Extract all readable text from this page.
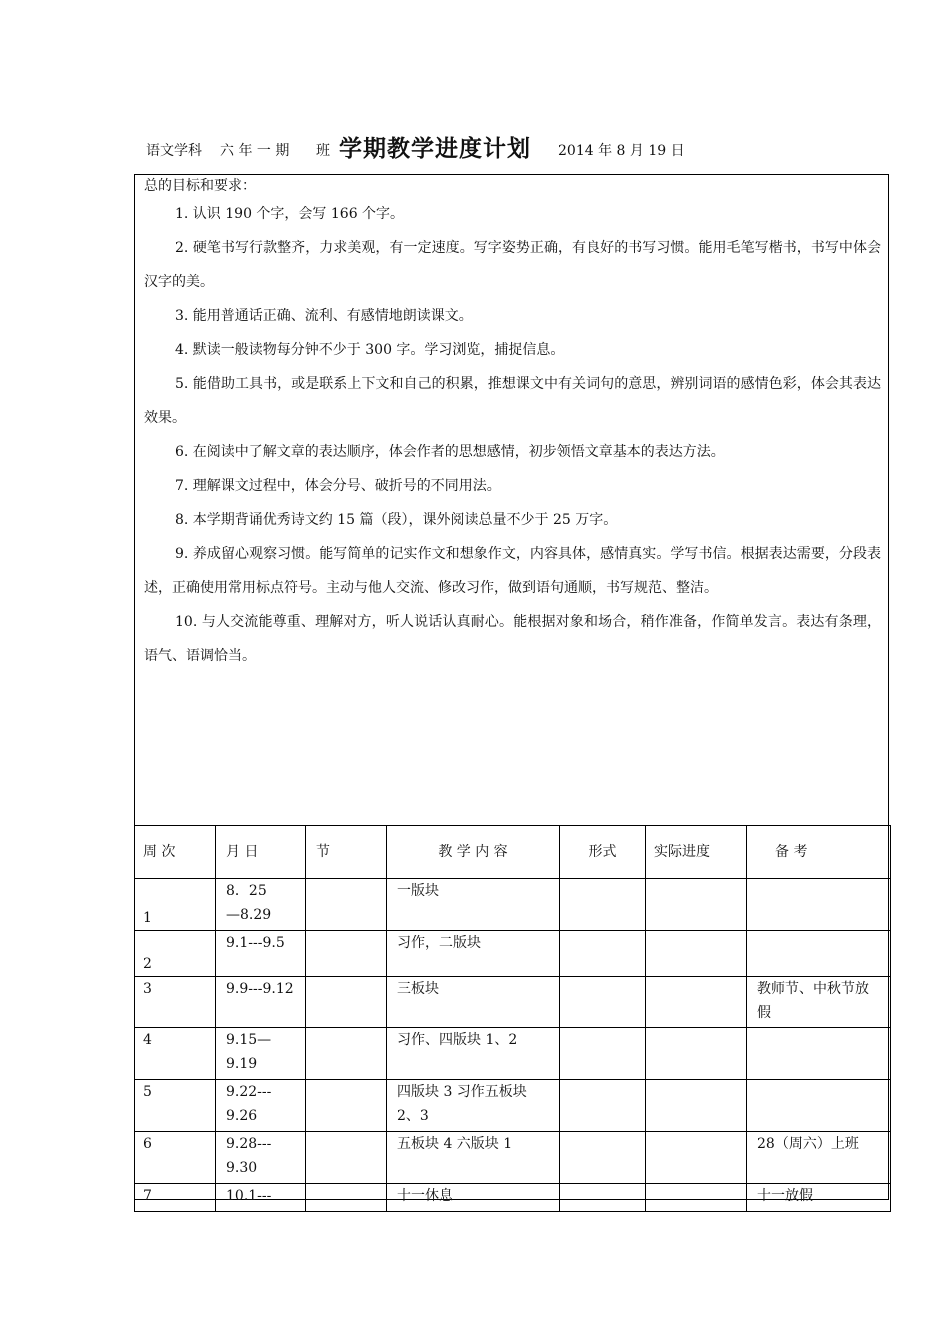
语文学科 六 年 一 期 班 学期教学进度计划 2014 年 8 月 19 日
总的目标和要求：
1. 认识 190 个字，会写 166 个字。
2. 硬笔书写行款整齐，力求美观，有一定速度。写字姿势正确，有良好的书写习惯。能用毛笔写楷书，书写中体会汉字的美。
3. 能用普通话正确、流利、有感情地朗读课文。
4. 默读一般读物每分钟不少于 300 字。学习浏览，捕捉信息。
5. 能借助工具书，或是联系上下文和自己的积累，推想课文中有关词句的意思，辨别词语的感情色彩，体会其表达效果。
6. 在阅读中了解文章的表达顺序，体会作者的思想感情，初步领悟文章基本的表达方法。
7. 理解课文过程中，体会分号、破折号的不同用法。
8. 本学期背诵优秀诗文约 15 篇（段），课外阅读总量不少于 25 万字。
9. 养成留心观察习惯。能写简单的记实作文和想象作文，内容具体，感情真实。学写书信。根据表达需要，分段表述，正确使用常用标点符号。主动与他人交流、修改习作，做到语句通顺，书写规范、整洁。
10. 与人交流能尊重、理解对方，听人说话认真耐心。能根据对象和场合，稍作准备，作简单发言。表达有条理，语气、语调恰当。
周 次	月 日	节	教 学 内 容	形式	实际进度	备 考
1	8．25
—8.29		一版块			
2	9.1---9.5		习作，二版块			
3	9.9---9.12		三板块			教师节、中秋节放假
4	9.15—
9.19		习作、四版块 1、2			
5	9.22---
9.26		四版块 3 习作五板块 2、3			
6	9.28---
9.30		五板块 4 六版块 1			28（周六）上班
7	10.1---		十一休息			十一放假
